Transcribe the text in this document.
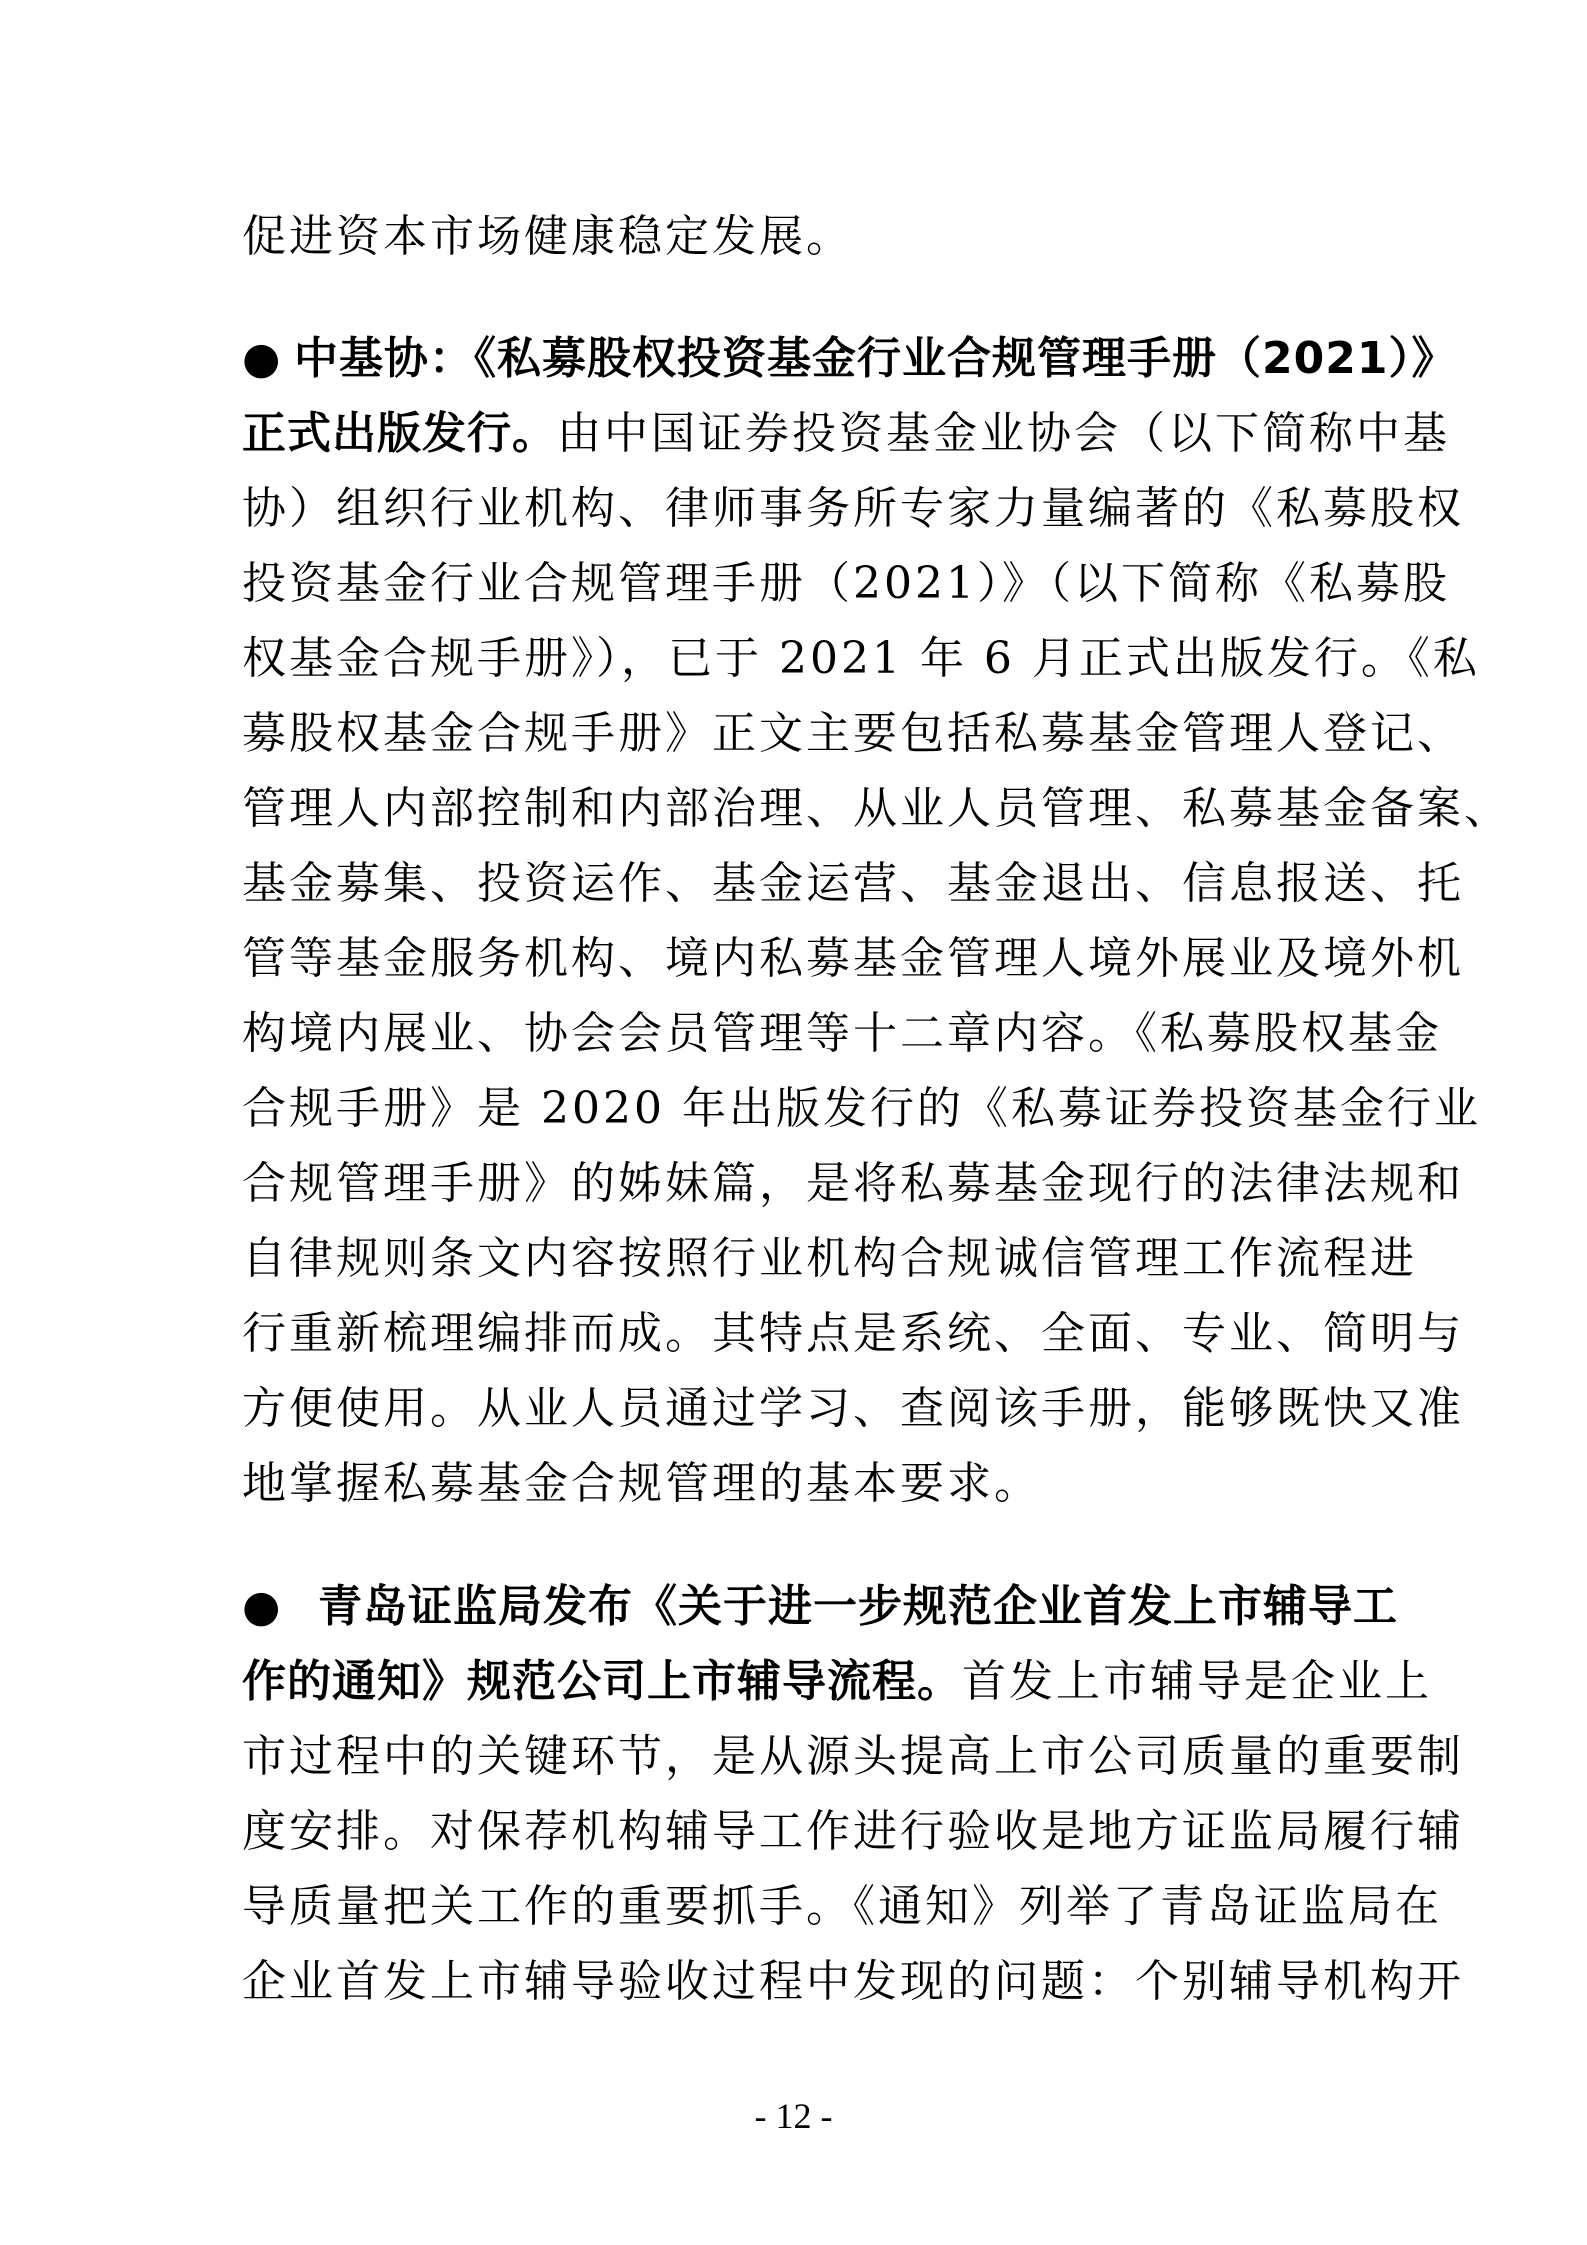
促进资本市场健康稳定发展。
● 中基协：《私募股权投资基金行业合规管理手册（2021）》
正式出版发行。由中国证券投资基金业协会（以下简称中基
协）组织行业机构、律师事务所专家力量编著的《私募股权
投资基金行业合规管理手册（2021）》（以下简称《私募股
权基金合规手册》），已于 2021 年 6 月正式出版发行。《私
募股权基金合规手册》正文主要包括私募基金管理人登记、
管理人内部控制和内部治理、从业人员管理、私募基金备案、
基金募集、投资运作、基金运营、基金退出、信息报送、托
管等基金服务机构、境内私募基金管理人境外展业及境外机
构境内展业、协会会员管理等十二章内容。《私募股权基金
合规手册》是 2020 年出版发行的《私募证券投资基金行业
合规管理手册》的姊妹篇，是将私募基金现行的法律法规和
自律规则条文内容按照行业机构合规诚信管理工作流程进
行重新梳理编排而成。其特点是系统、全面、专业、简明与
方便使用。从业人员通过学习、查阅该手册，能够既快又准
地掌握私募基金合规管理的基本要求。
● 青岛证监局发布《关于进一步规范企业首发上市辅导工
作的通知》规范公司上市辅导流程。首发上市辅导是企业上
市过程中的关键环节，是从源头提高上市公司质量的重要制
度安排。对保荐机构辅导工作进行验收是地方证监局履行辅
导质量把关工作的重要抓手。《通知》列举了青岛证监局在
企业首发上市辅导验收过程中发现的问题：个别辅导机构开
- 12 -
